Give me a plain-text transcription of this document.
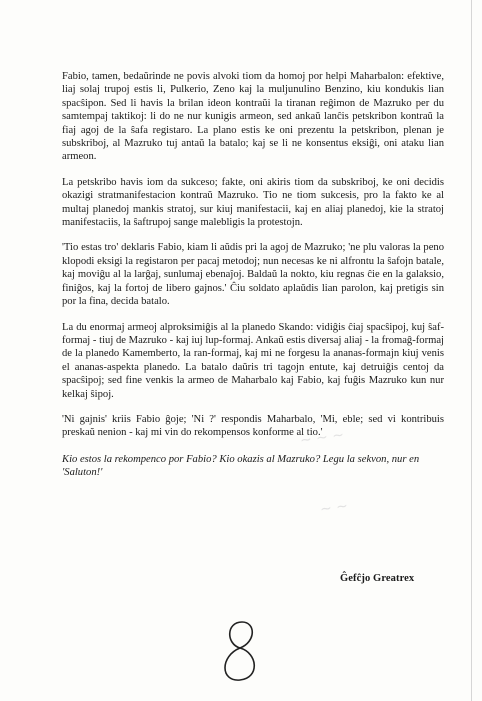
~ ~ ~
~ ~

Fabio, tamen, bedaŭrinde ne povis alvoki tiom da homoj por helpi Maharbalon: efektive, liaj solaj trupoj estis li, Pulkerio, Zeno kaj la muljunulino Benzino, kiu kondukis lian spacŝipon. Sed li havis la brilan ideon kontraŭi la tiranan reĝimon de Mazruko per du samtempaj taktikoj: li do ne nur kunigis armeon, sed ankaŭ lanĉis petskribon kontraŭ la fiaj agoj de la ŝafa registaro. La plano estis ke oni prezentu la petskribon, plenan je subskriboj, al Mazruko tuj antaŭ la batalo; kaj se li ne konsentus eksiĝi, oni ataku lian armeon.

La petskribo havis iom da sukceso; fakte, oni akiris tiom da subskriboj, ke oni decidis okazigi stratmanifestacion kontraŭ Mazruko. Tio ne tiom sukcesis, pro la fakto ke al multaj planedoj mankis stratoj, sur kiuj manifestacii, kaj en aliaj planedoj, kie la stratoj manifestaciis, la ŝaftrupoj sange malebligis la protestojn.

'Tio estas tro' deklaris Fabio, kiam li aŭdis pri la agoj de Mazruko; 'ne plu valoras la peno klopodi eksigi la registaron per pacaj metodoj; nun necesas ke ni alfrontu la ŝafojn batale, kaj moviĝu al la larĝaj, sunlumaj ebenaĵoj. Baldaŭ la nokto, kiu regnas ĉie en la galaksio, finiĝos, kaj la fortoj de libero gajnos.' Ĉiu soldato aplaŭdis lian parolon, kaj pretigis sin por la fina, decida batalo.

La du enormaj armeoj alproksimiĝis al la planedo Skando: vidiĝis ĉiaj spacŝipoj, kuj ŝaf-formaj - tiuj de Mazruko - kaj iuj lup-formaj. Ankaŭ estis diversaj aliaj - la fromaĝ-formaj de la planedo Kamemberto, la ran-formaj, kaj mi ne forgesu la ananas-formajn kiuj venis el ananas-aspekta planedo. La batalo daŭris tri tagojn entute, kaj detruiĝis centoj da spacŝipoj; sed fine venkis la armeo de Maharbalo kaj Fabio, kaj fuĝis Mazruko kun nur kelkaj ŝipoj.

'Ni gajnis' kriis Fabio ĝoje; 'Ni ?' respondis Maharbalo, 'Mi, eble; sed vi kontribuis preskaŭ nenion - kaj mi vin do rekompensos konforme al tio.'

Kio estos la rekompenco por Fabio? Kio okazis al Mazruko? Legu la sekvon, nur en 'Saluton!'

Ĝefĉjo Greatrex
